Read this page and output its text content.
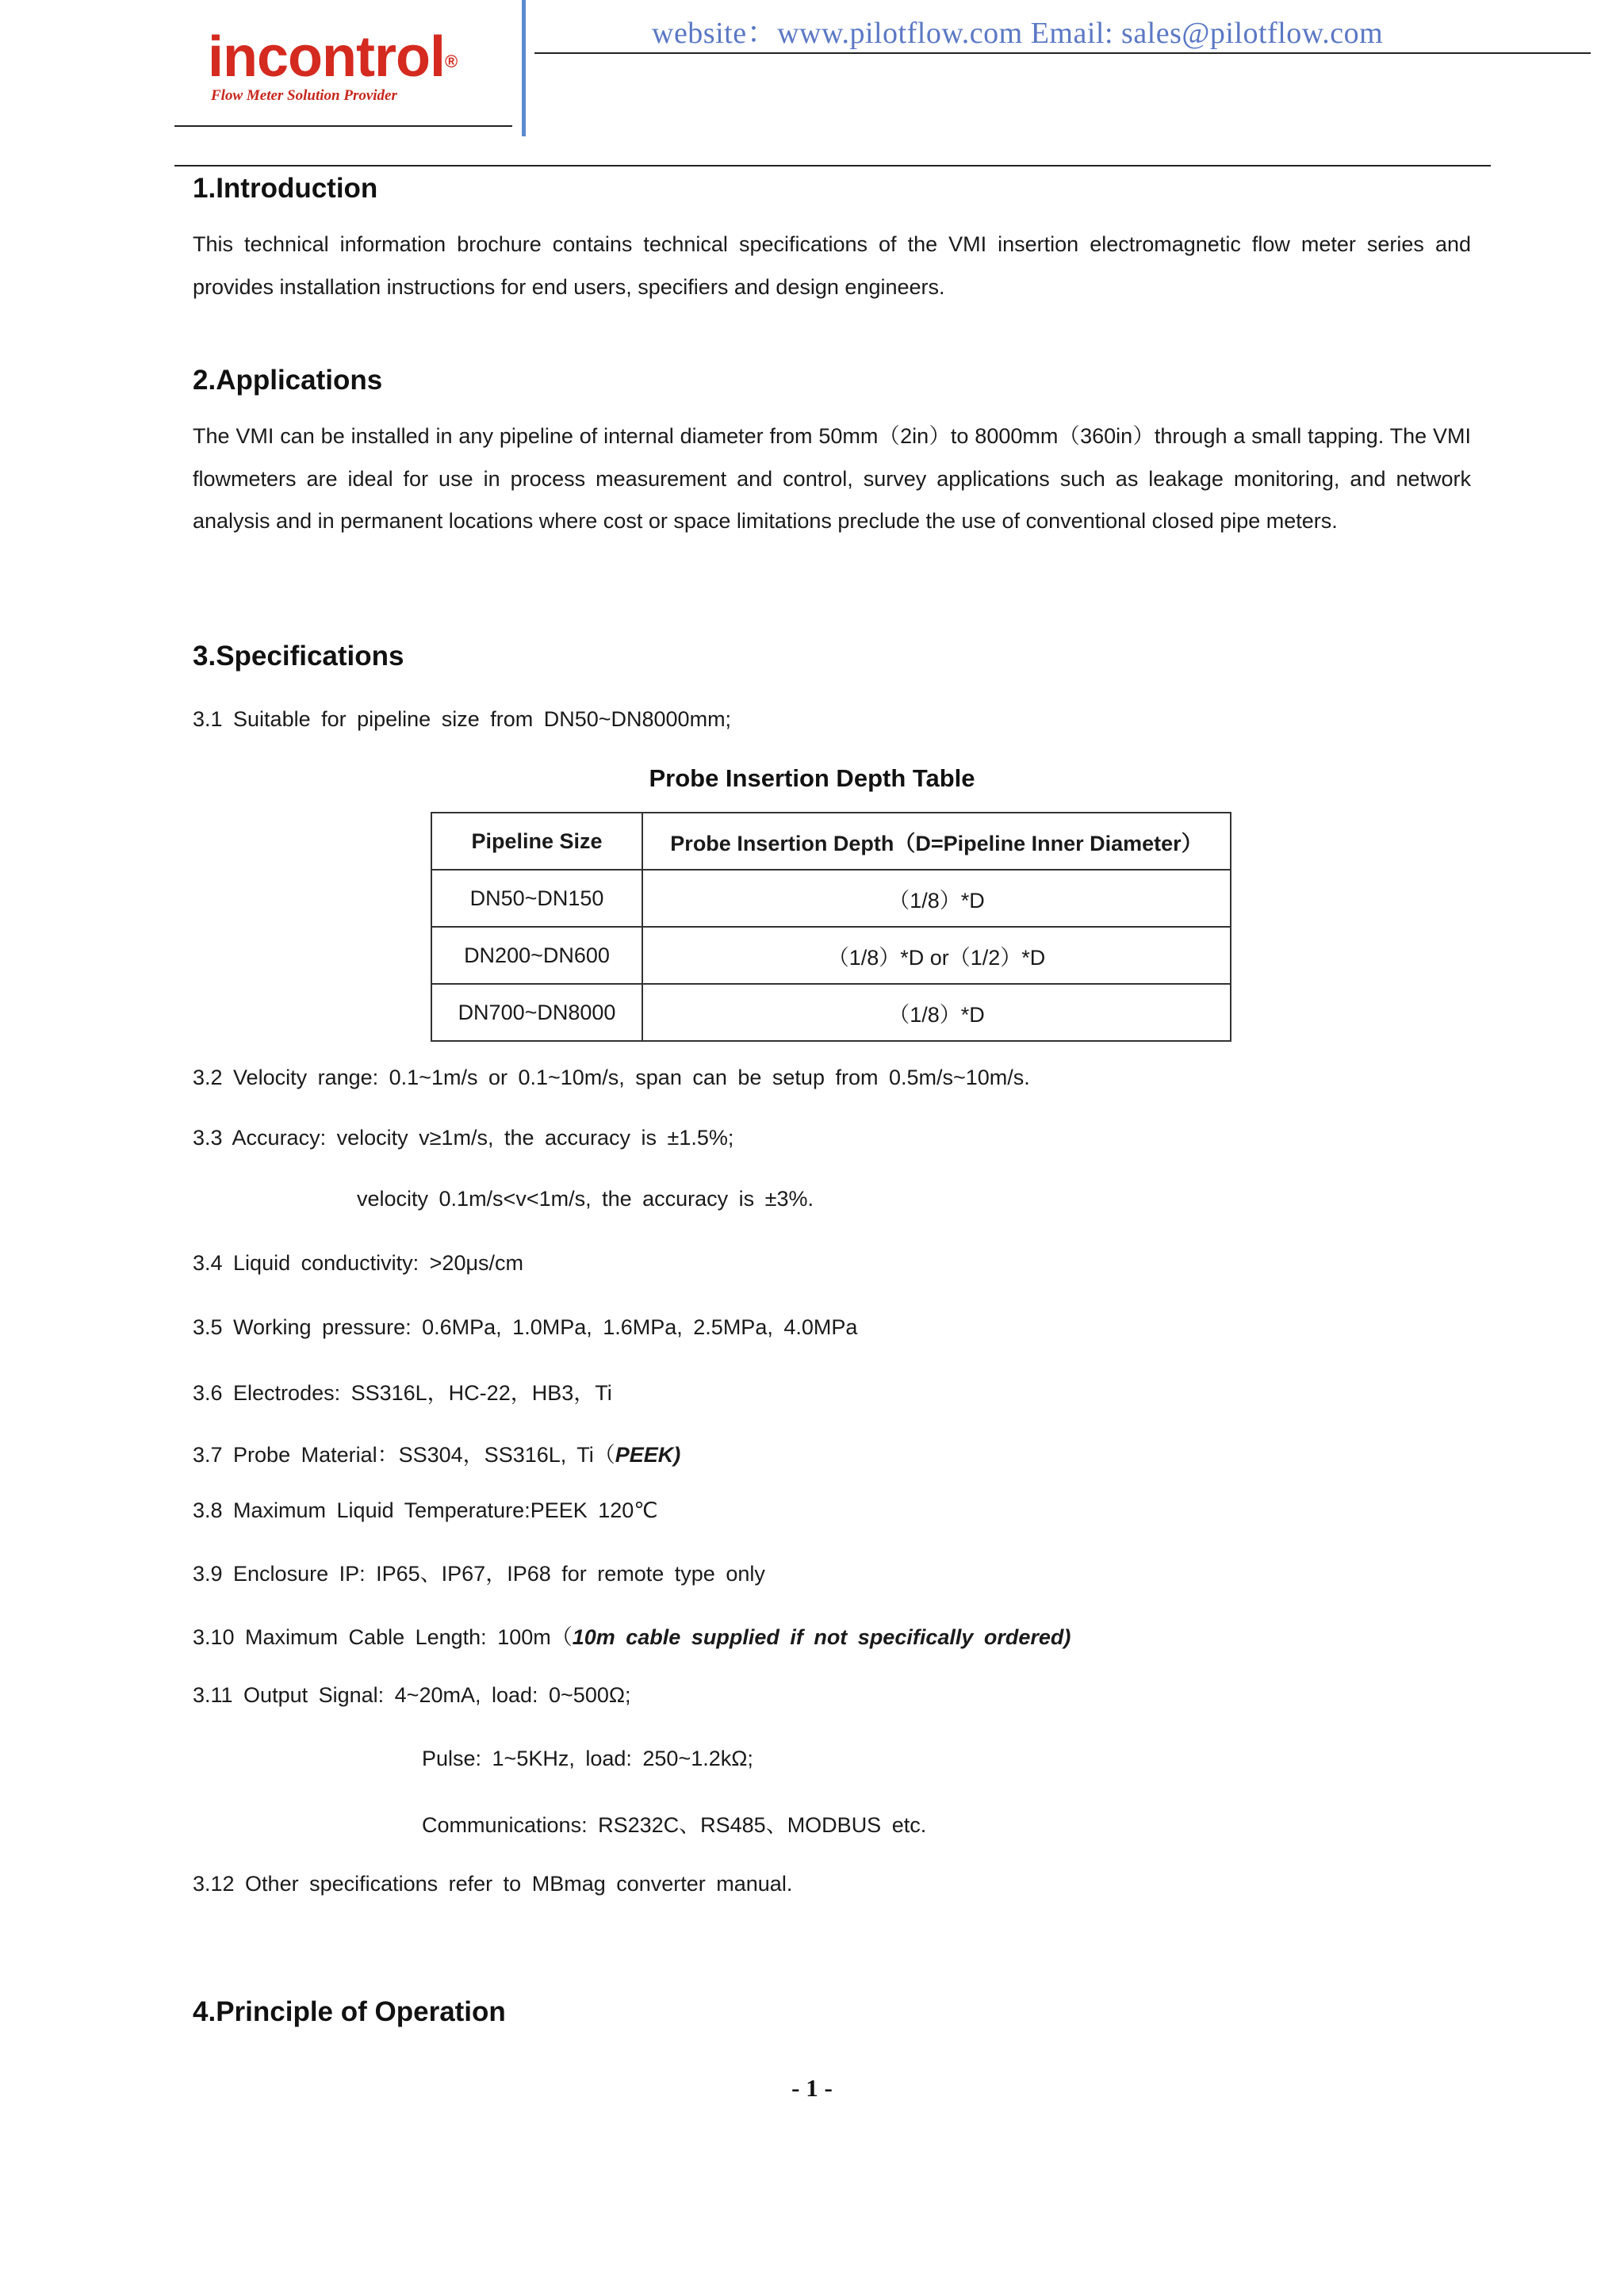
incontrol®
Flow Meter Solution Provider
website：www.pilotflow.com Email: sales@pilotflow.com
1.Introduction

This technical information brochure contains technical specifications of the VMI insertion electromagnetic flow meter series and provides installation instructions for end users, specifiers and design engineers.

2.Applications

The VMI can be installed in any pipeline of internal diameter from 50mm（2in）to 8000mm（360in）through a small tapping. The VMI flowmeters are ideal for use in process measurement and control, survey applications such as leakage monitoring, and network analysis and in permanent locations where cost or space limitations preclude the use of conventional closed pipe meters.

3.Specifications

3.1 Suitable for pipeline size from DN50~DN8000mm;

Probe Insertion Depth Table

Pipeline Size	Probe Insertion Depth（D=Pipeline Inner Diameter）
DN50~DN150	（1/8）*D
DN200~DN600	（1/8）*D or（1/2）*D
DN700~DN8000	（1/8）*D

3.2 Velocity range: 0.1~1m/s or 0.1~10m/s, span can be setup from 0.5m/s~10m/s.

3.3 Accuracy: velocity v≥1m/s, the accuracy is ±1.5%;

velocity 0.1m/s<v<1m/s, the accuracy is ±3%.

3.4 Liquid conductivity: >20μs/cm

3.5 Working pressure: 0.6MPa, 1.0MPa, 1.6MPa, 2.5MPa, 4.0MPa

3.6 Electrodes: SS316L，HC-22，HB3，Ti

3.7 Probe Material：SS304，SS316L, Ti（PEEK)

3.8 Maximum Liquid Temperature:PEEK 120℃

3.9 Enclosure IP: IP65、IP67，IP68 for remote type only

3.10 Maximum Cable Length: 100m（10m cable supplied if not specifically ordered)

3.11 Output Signal: 4~20mA, load: 0~500Ω;

Pulse: 1~5KHz, load: 250~1.2kΩ;

Communications: RS232C、RS485、MODBUS etc.

3.12 Other specifications refer to MBmag converter manual.

4.Principle of Operation
- 1 -
